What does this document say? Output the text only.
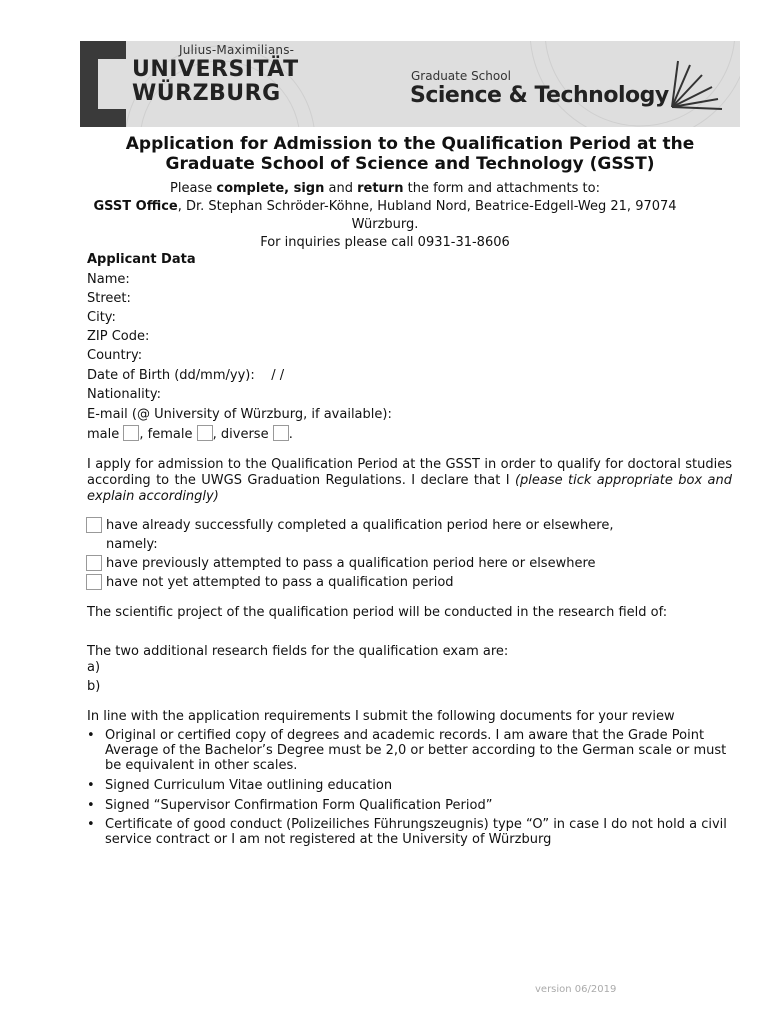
Julius-Maximilians-
UNIVERSITÄT
WÜRZBURG
Graduate School
Science & Technology
Application for Admission to the Qualification Period at the Graduate School of Science and Technology (GSST)
Please complete, sign and return the form and attachments to:
GSST Office, Dr. Stephan Schröder-Köhne, Hubland Nord, Beatrice-Edgell-Weg 21, 97074
Würzburg.
For inquiries please call 0931-31-8606
Applicant Data
Name:
Street:
City:
ZIP Code:
Country:
Date of Birth (dd/mm/yy): / /
Nationality:
E-mail (@ University of Würzburg, if available):
male , female , diverse .
I apply for admission to the Qualification Period at the GSST in order to qualify for doctoral studies according to the UWGS Graduation Regulations. I declare that I (please tick appropriate box and explain accordingly)
have already successfully completed a qualification period here or elsewhere,
namely:
have previously attempted to pass a qualification period here or elsewhere
have not yet attempted to pass a qualification period
The scientific project of the qualification period will be conducted in the research field of:
The two additional research fields for the qualification exam are:
a)
b)
In line with the application requirements I submit the following documents for your review
• Original or certified copy of degrees and academic records. I am aware that the Grade Point Average of the Bachelor’s Degree must be 2,0 or better according to the German scale or must be equivalent in other scales.
• Signed Curriculum Vitae outlining education
• Signed “Supervisor Confirmation Form Qualification Period”
• Certificate of good conduct (Polizeiliches Führungszeugnis) type “O” in case I do not hold a civil service contract or I am not registered at the University of Würzburg
version 06/2019
